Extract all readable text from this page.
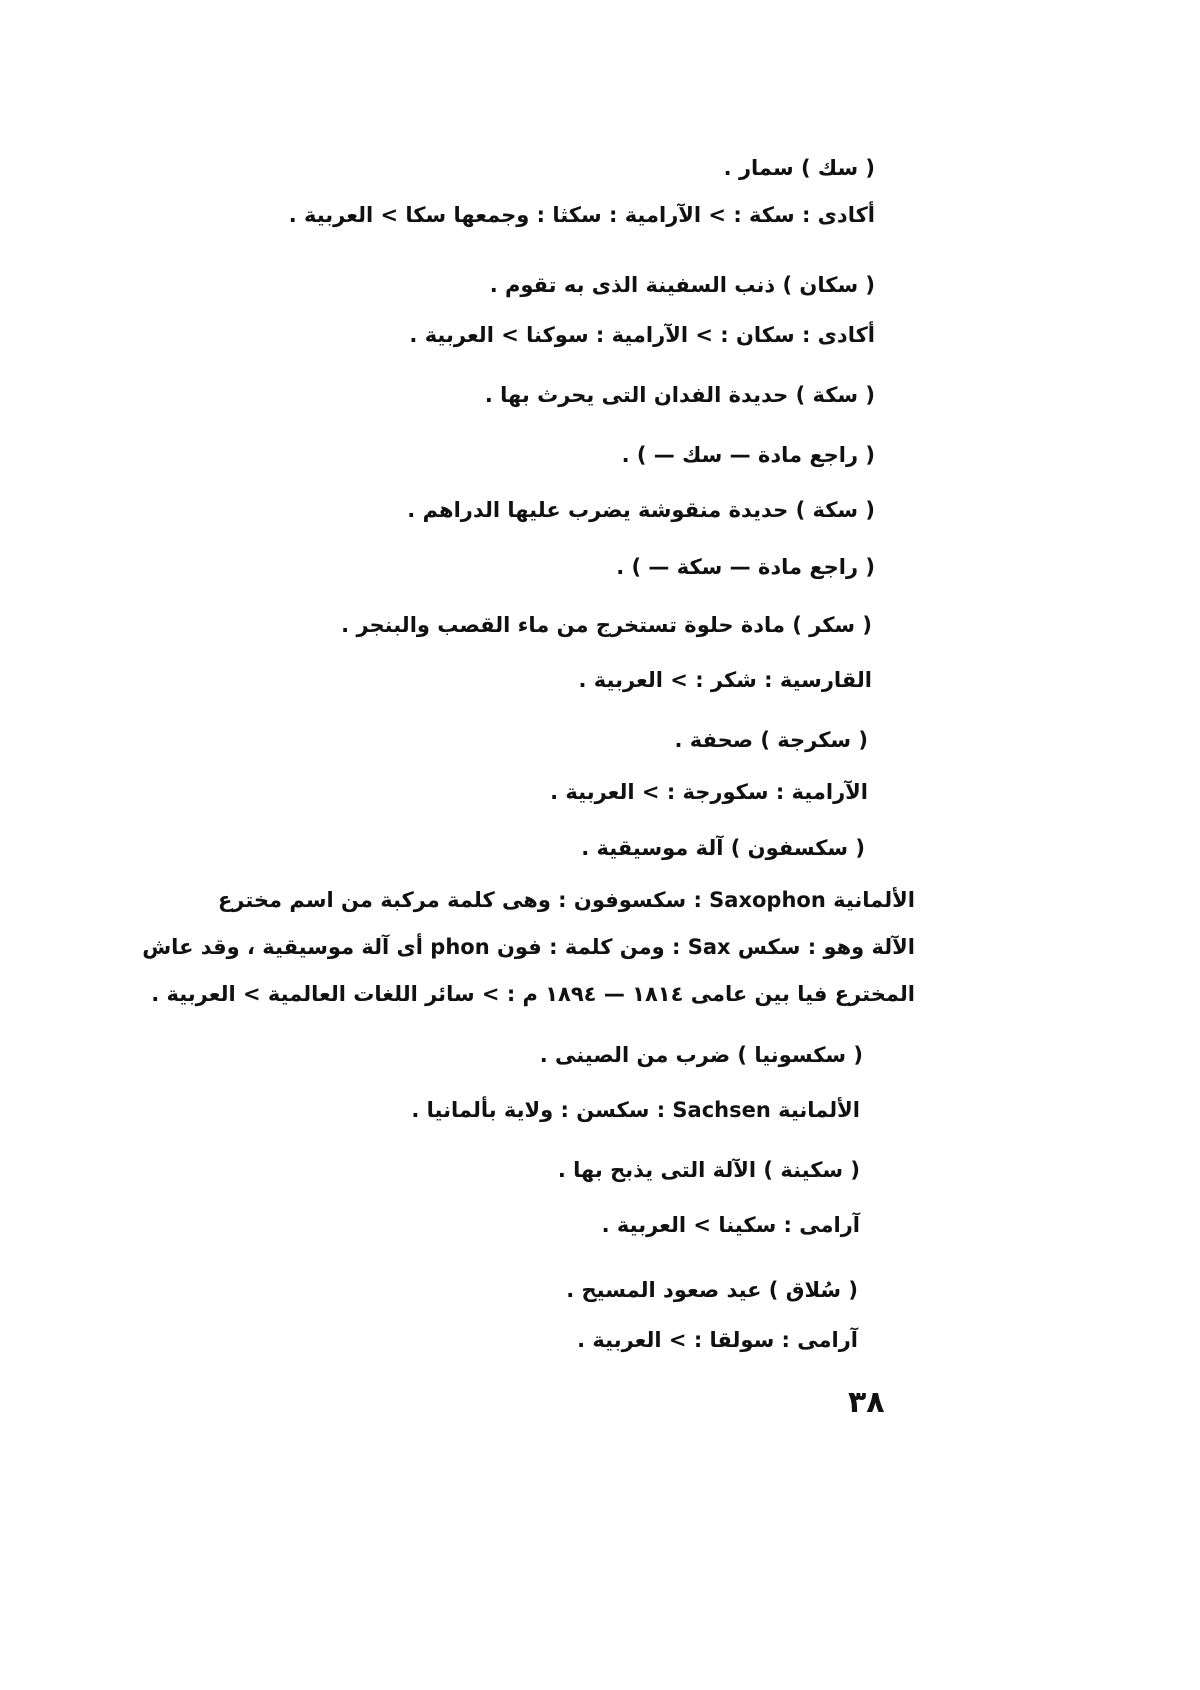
( سك ) سمار .
أكادى : سكة : > الآرامية : سكثا : وجمعها سكا > العربية .
( سكان ) ذنب السفينة الذى به تقوم .
أكادى : سكان : > الآرامية : سوكنا > العربية .
( سكة ) حديدة الفدان التى يحرث بها .
( راجع مادة — سك — ) .
( سكة ) حديدة منقوشة يضرب عليها الدراهم .
( راجع مادة — سكة — ) .
( سكر ) مادة حلوة تستخرج من ماء القصب والبنجر .
القارسية : شكر : > العربية .
( سكرجة ) صحفة .
الآرامية : سكورجة : > العربية .
( سكسفون ) آلة موسيقية .
الألمانية Saxophon : سكسوفون : وهى كلمة مركبة من اسم مخترع
الآلة وهو : سكس Sax : ومن كلمة : فون phon أى آلة موسيقية ، وقد عاش
المخترع فيا بين عامى ١٨١٤ — ١٨٩٤ م : > سائر اللغات العالمية > العربية .
( سكسونيا ) ضرب من الصينى .
الألمانية Sachsen : سكسن : ولاية بألمانيا .
( سكينة ) الآلة التى يذبح بها .
آرامى : سكينا > العربية .
( سُلاق ) عيد صعود المسيح .
آرامى : سولقا : > العربية .
٣٨
